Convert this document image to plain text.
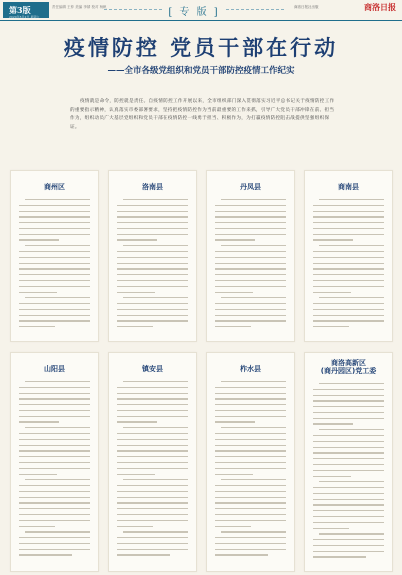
第3版
2020年5月2日 星期六
责任编辑 王仲 美编 李婧 校对 杨帆	[ 专 版 ]	商洛日报社出版	商洛日报
疫情防控 党员干部在行动
——全市各级党组织和党员干部防控疫情工作纪实
疫情就是命令，防控就是责任。自疫情防控工作开展以来，全市组织部门深入贯彻落实习近平总书记关于疫情防控工作的重要指示精神，认真落实市委部署要求，坚持把疫情防控作为当前最重要的工作来抓，引导广大党员干部冲锋在前、担当作为，组织动员广大基层党组织和党员干部在疫情防控一线勇于担当、积极作为，为打赢疫情防控阻击战提供坚强组织保证。
商州区	洛南县	丹凤县	商南县
山阳县	镇安县	柞水县
商洛高新区
(商丹园区)党工委
